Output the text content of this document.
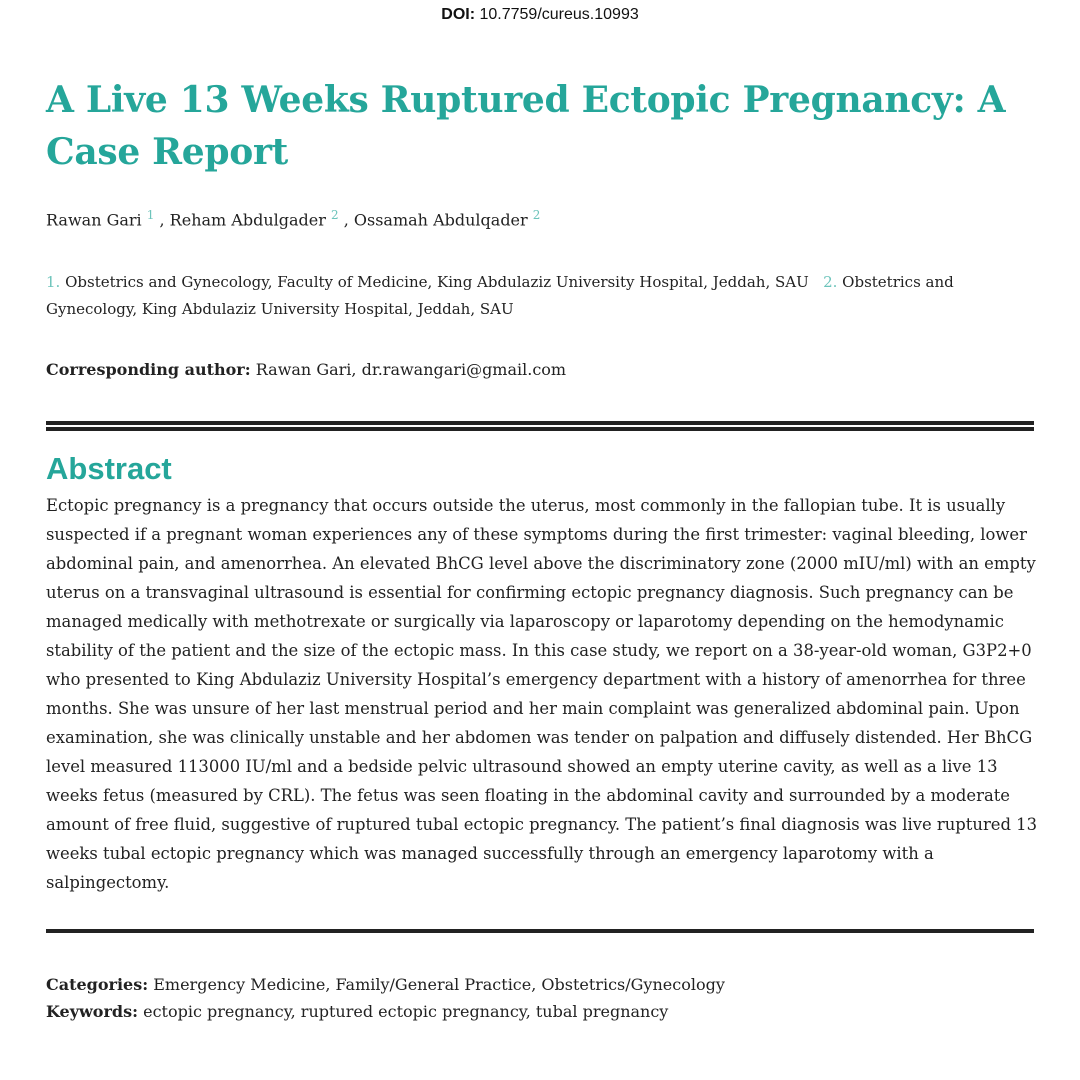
DOI: 10.7759/cureus.10993
A Live 13 Weeks Ruptured Ectopic Pregnancy: A Case Report
Rawan Gari $^1$ , Reham Abdulgader $^2$ , Ossamah Abdulqader $^2$
1. Obstetrics and Gynecology, Faculty of Medicine, King Abdulaziz University Hospital, Jeddah, SAU 2. Obstetrics and Gynecology, King Abdulaziz University Hospital, Jeddah, SAU
Corresponding author: Rawan Gari, dr.rawangari@gmail.com
Abstract

Ectopic pregnancy is a pregnancy that occurs outside the uterus, most commonly in the fallopian tube. It is usually suspected if a pregnant woman experiences any of these symptoms during the first trimester: vaginal bleeding, lower abdominal pain, and amenorrhea. An elevated BhCG level above the discriminatory zone (2000 mIU/ml) with an empty uterus on a transvaginal ultrasound is essential for confirming ectopic pregnancy diagnosis. Such pregnancy can be managed medically with methotrexate or surgically via laparoscopy or laparotomy depending on the hemodynamic stability of the patient and the size of the ectopic mass. In this case study, we report on a 38-year-old woman, G3P2+0 who presented to King Abdulaziz University Hospital’s emergency department with a history of amenorrhea for three months. She was unsure of her last menstrual period and her main complaint was generalized abdominal pain. Upon examination, she was clinically unstable and her abdomen was tender on palpation and diffusely distended. Her BhCG level measured 113000 IU/ml and a bedside pelvic ultrasound showed an empty uterine cavity, as well as a live 13 weeks fetus (measured by CRL). The fetus was seen floating in the abdominal cavity and surrounded by a moderate amount of free fluid, suggestive of ruptured tubal ectopic pregnancy. The patient’s final diagnosis was live ruptured 13 weeks tubal ectopic pregnancy which was managed successfully through an emergency laparotomy with a salpingectomy.

Categories: Emergency Medicine, Family/General Practice, Obstetrics/Gynecology
Keywords: ectopic pregnancy, ruptured ectopic pregnancy, tubal pregnancy
